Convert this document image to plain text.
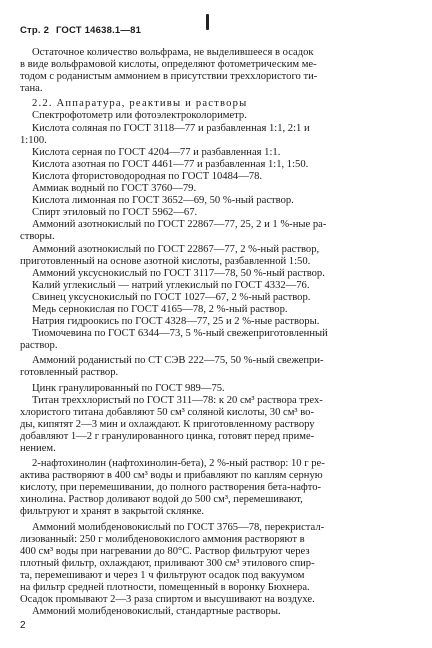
Стр. 2 ГОСТ 14638.1—81

Остаточное количество вольфрама, не выделившееся в осадок

в виде вольфрамовой кислоты, определяют фотометрическим ме-

тодом с роданистым аммонием в присутствии треххлористого ти-

тана.

2.2. Аппаратура, реактивы и растворы

Спектрофотометр или фотоэлектроколориметр.

Кислота соляная по ГОСТ 3118—77 и разбавленная 1:1, 2:1 и

1:100.

Кислота серная по ГОСТ 4204—77 и разбавленная 1:1.

Кислота азотная по ГОСТ 4461—77 и разбавленная 1:1, 1:50.

Кислота фтористоводородная по ГОСТ 10484—78.

Аммиак водный по ГОСТ 3760—79.

Кислота лимонная по ГОСТ 3652—69, 50 %-ный раствор.

Спирт этиловый по ГОСТ 5962—67.

Аммоний азотнокислый по ГОСТ 22867—77, 25, 2 и 1 %-ные ра-

створы.

Аммоний азотнокислый по ГОСТ 22867—77, 2 %-ный раствор,

приготовленный на основе азотной кислоты, разбавленной 1:50.

Аммоний уксуснокислый по ГОСТ 3117—78, 50 %-ный раствор.

Калий углекислый — натрий углекислый по ГОСТ 4332—76.

Свинец уксуснокислый по ГОСТ 1027—67, 2 %-ный раствор.

Медь сернокислая по ГОСТ 4165—78, 2 %-ный раствор.

Натрия гидроокись по ГОСТ 4328—77, 25 и 2 %-ные растворы.

Тиомочевина по ГОСТ 6344—73, 5 %-ный свежеприготовленный

раствор.

Аммоний роданистый по СТ СЭВ 222—75, 50 %-ный свежепри-

готовленный раствор.

Цинк гранулированный по ГОСТ 989—75.

Титан треххлористый по ГОСТ 311—78: к 20 см³ раствора трех-

хлористого титана добавляют 50 см³ соляной кислоты, 30 см³ во-

ды, кипятят 2—3 мин и охлаждают. К приготовленному раствору

добавляют 1—2 г гранулированного цинка, готовят перед приме-

нением.

2-нафтохинолин (нафтохинолин-бета), 2 %-ный раствор: 10 г ре-

актива растворяют в 400 см³ воды и прибавляют по каплям серную

кислоту, при перемешивании, до полного растворения бета-нафто-

хинолина. Раствор доливают водой до 500 см³, перемешивают,

фильтруют и хранят в закрытой склянке.

Аммоний молибденовокислый по ГОСТ 3765—78, перекристал-

лизованный: 250 г молибденовокислого аммония растворяют в

400 см³ воды при нагревании до 80°С. Раствор фильтруют через

плотный фильтр, охлаждают, приливают 300 см³ этилового спир-

та, перемешивают и через 1 ч фильтруют осадок под вакуумом

на фильтр средней плотности, помещенный в воронку Бюхнера.

Осадок промывают 2—3 раза спиртом и высушивают на воздухе.

Аммоний молибденовокислый, стандартные растворы.

2
